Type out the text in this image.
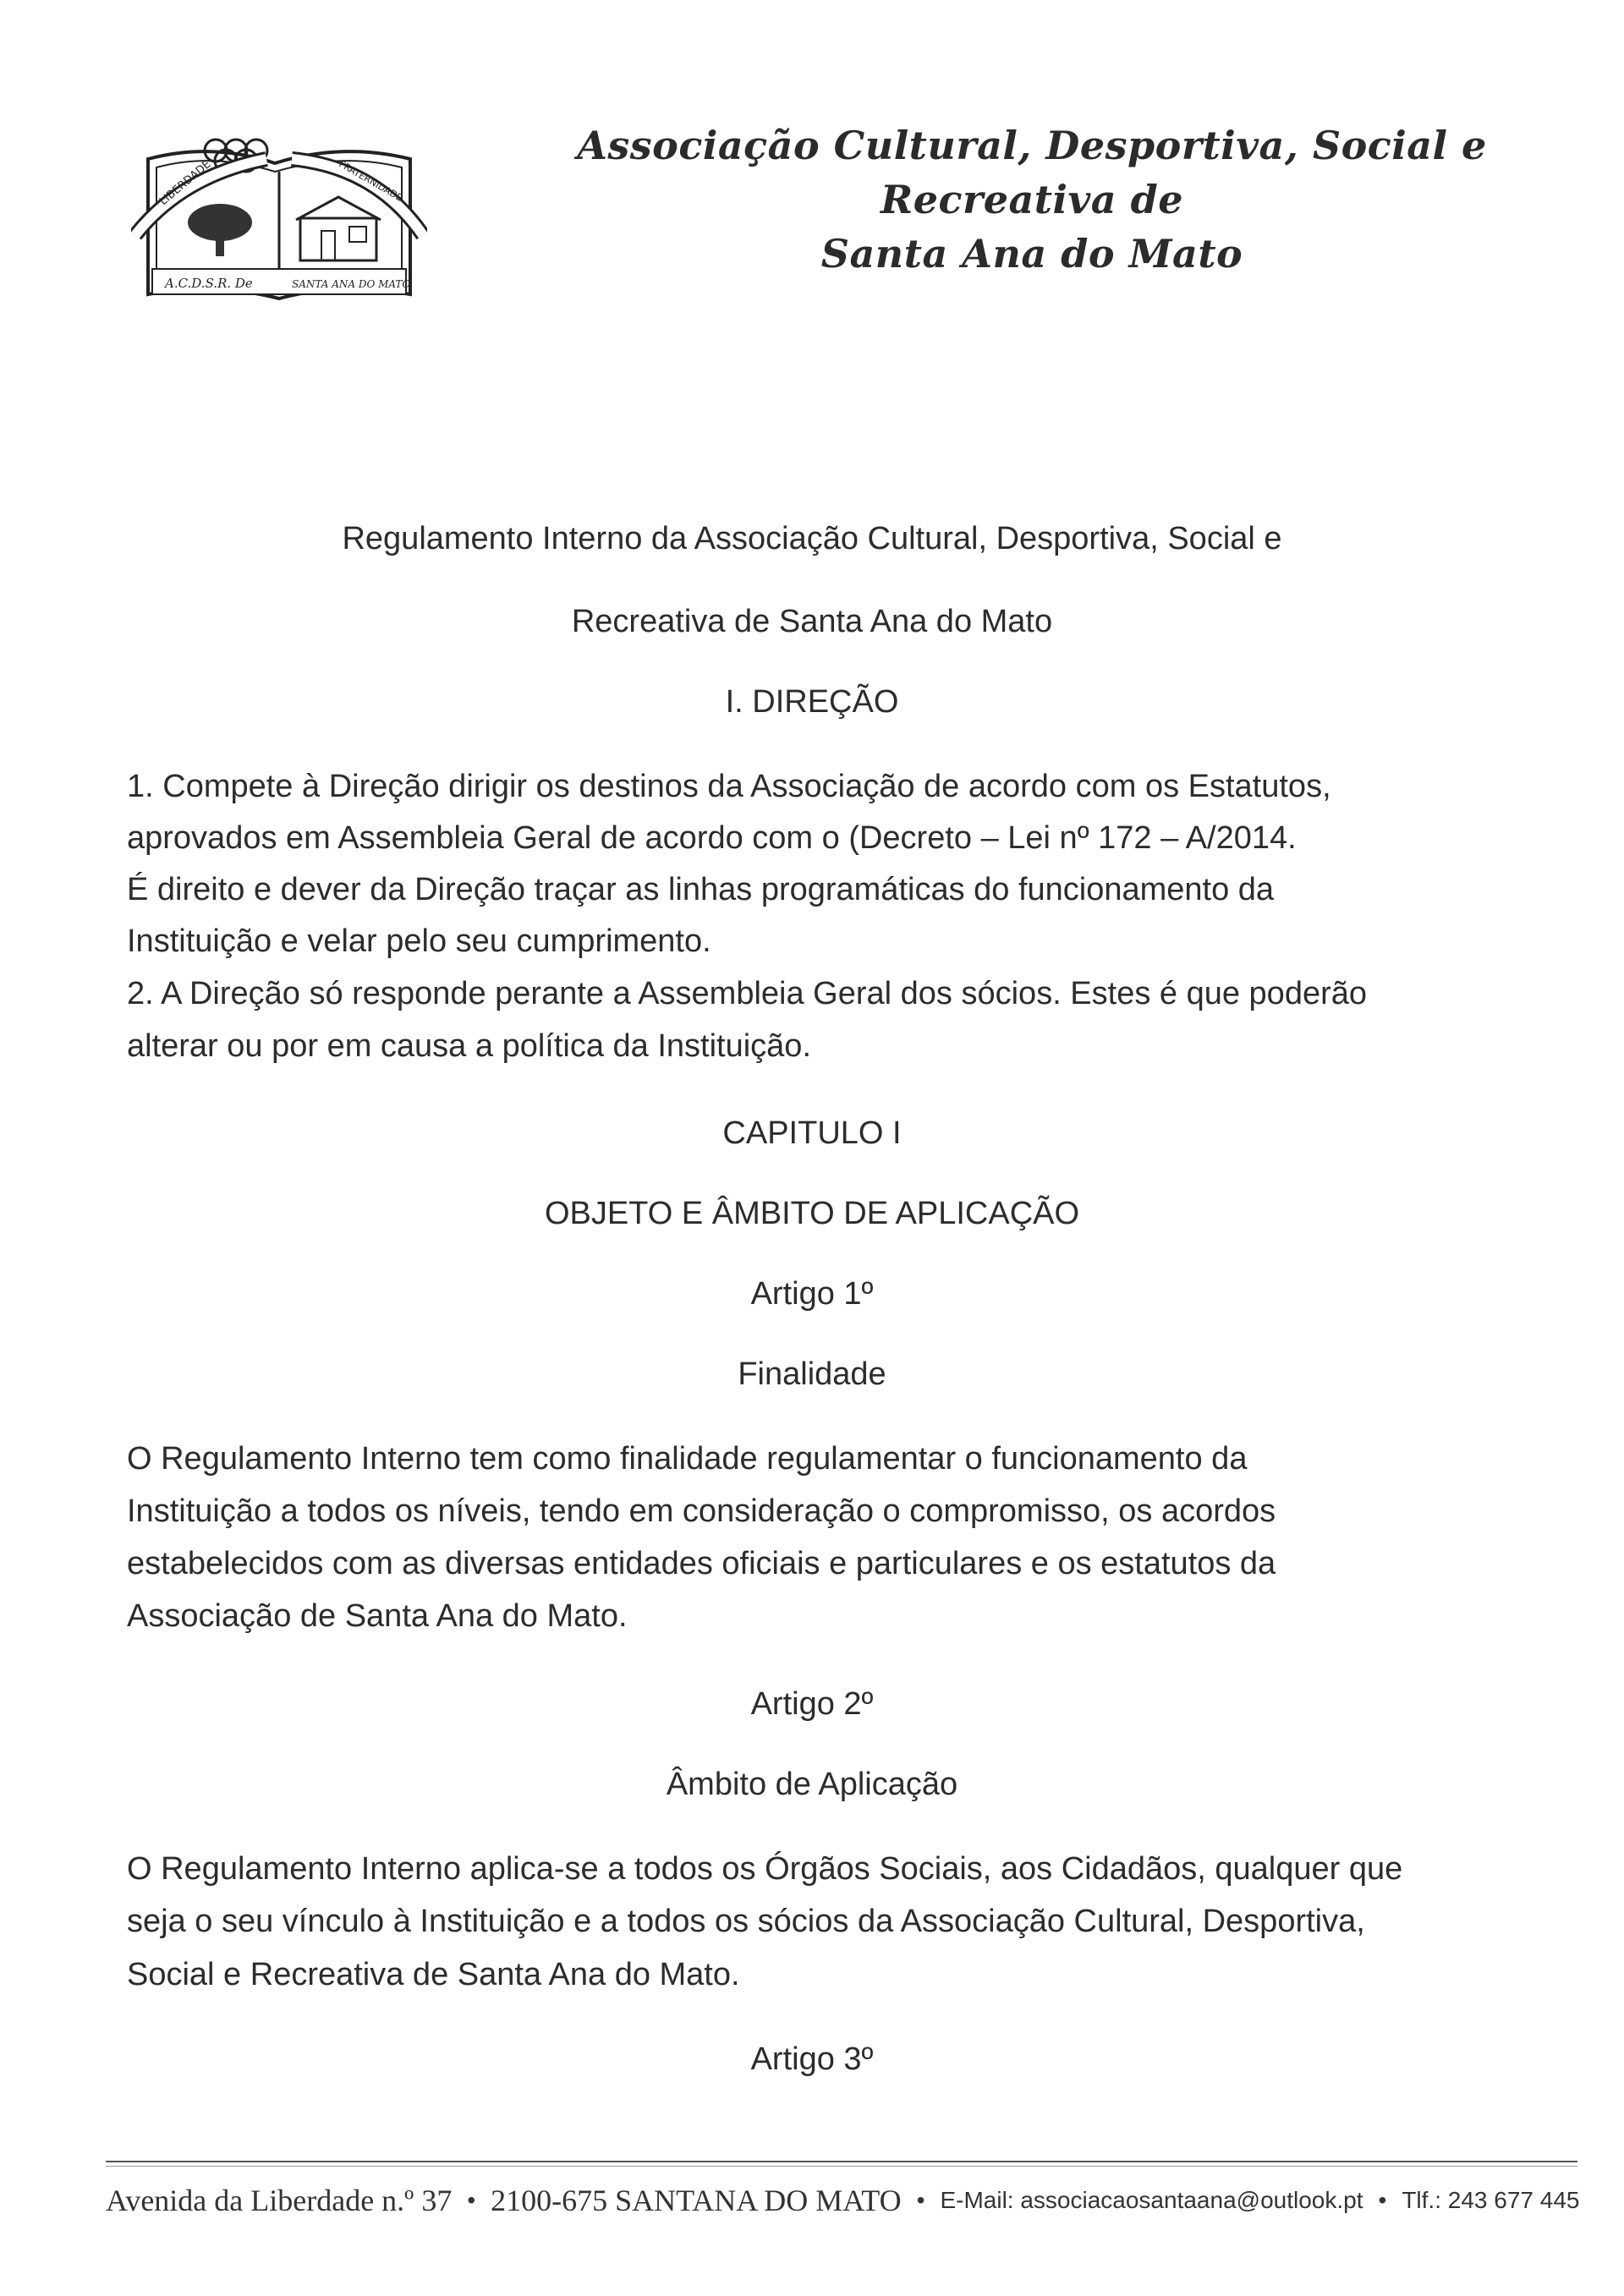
A.C.D.S.R. De	SANTA ANA DO MATO
LIBERDADE	FRATERNIDADE
Associação Cultural, Desportiva, Social e Recreativa de
Santa Ana do Mato
Regulamento Interno da Associação Cultural, Desportiva, Social e
Recreativa de Santa Ana do Mato
I. DIREÇÃO
1. Compete à Direção dirigir os destinos da Associação de acordo com os Estatutos,
aprovados em Assembleia Geral de acordo com o (Decreto – Lei nº 172 – A/2014.
É direito e dever da Direção traçar as linhas programáticas do funcionamento da
Instituição e velar pelo seu cumprimento.
2. A Direção só responde perante a Assembleia Geral dos sócios. Estes é que poderão
alterar ou por em causa a política da Instituição.
CAPITULO I
OBJETO E ÂMBITO DE APLICAÇÃO
Artigo 1º
Finalidade
O Regulamento Interno tem como finalidade regulamentar o funcionamento da
Instituição a todos os níveis, tendo em consideração o compromisso, os acordos
estabelecidos com as diversas entidades oficiais e particulares e os estatutos da
Associação de Santa Ana do Mato.
Artigo 2º
Âmbito de Aplicação
O Regulamento Interno aplica-se a todos os Órgãos Sociais, aos Cidadãos, qualquer que
seja o seu vínculo à Instituição e a todos os sócios da Associação Cultural, Desportiva,
Social e Recreativa de Santa Ana do Mato.
Artigo 3º
Avenida da Liberdade n.º 37 • 2100-675 SANTANA DO MATO • E-Mail: associacaosantaana@outlook.pt • Tlf.: 243 677 445
